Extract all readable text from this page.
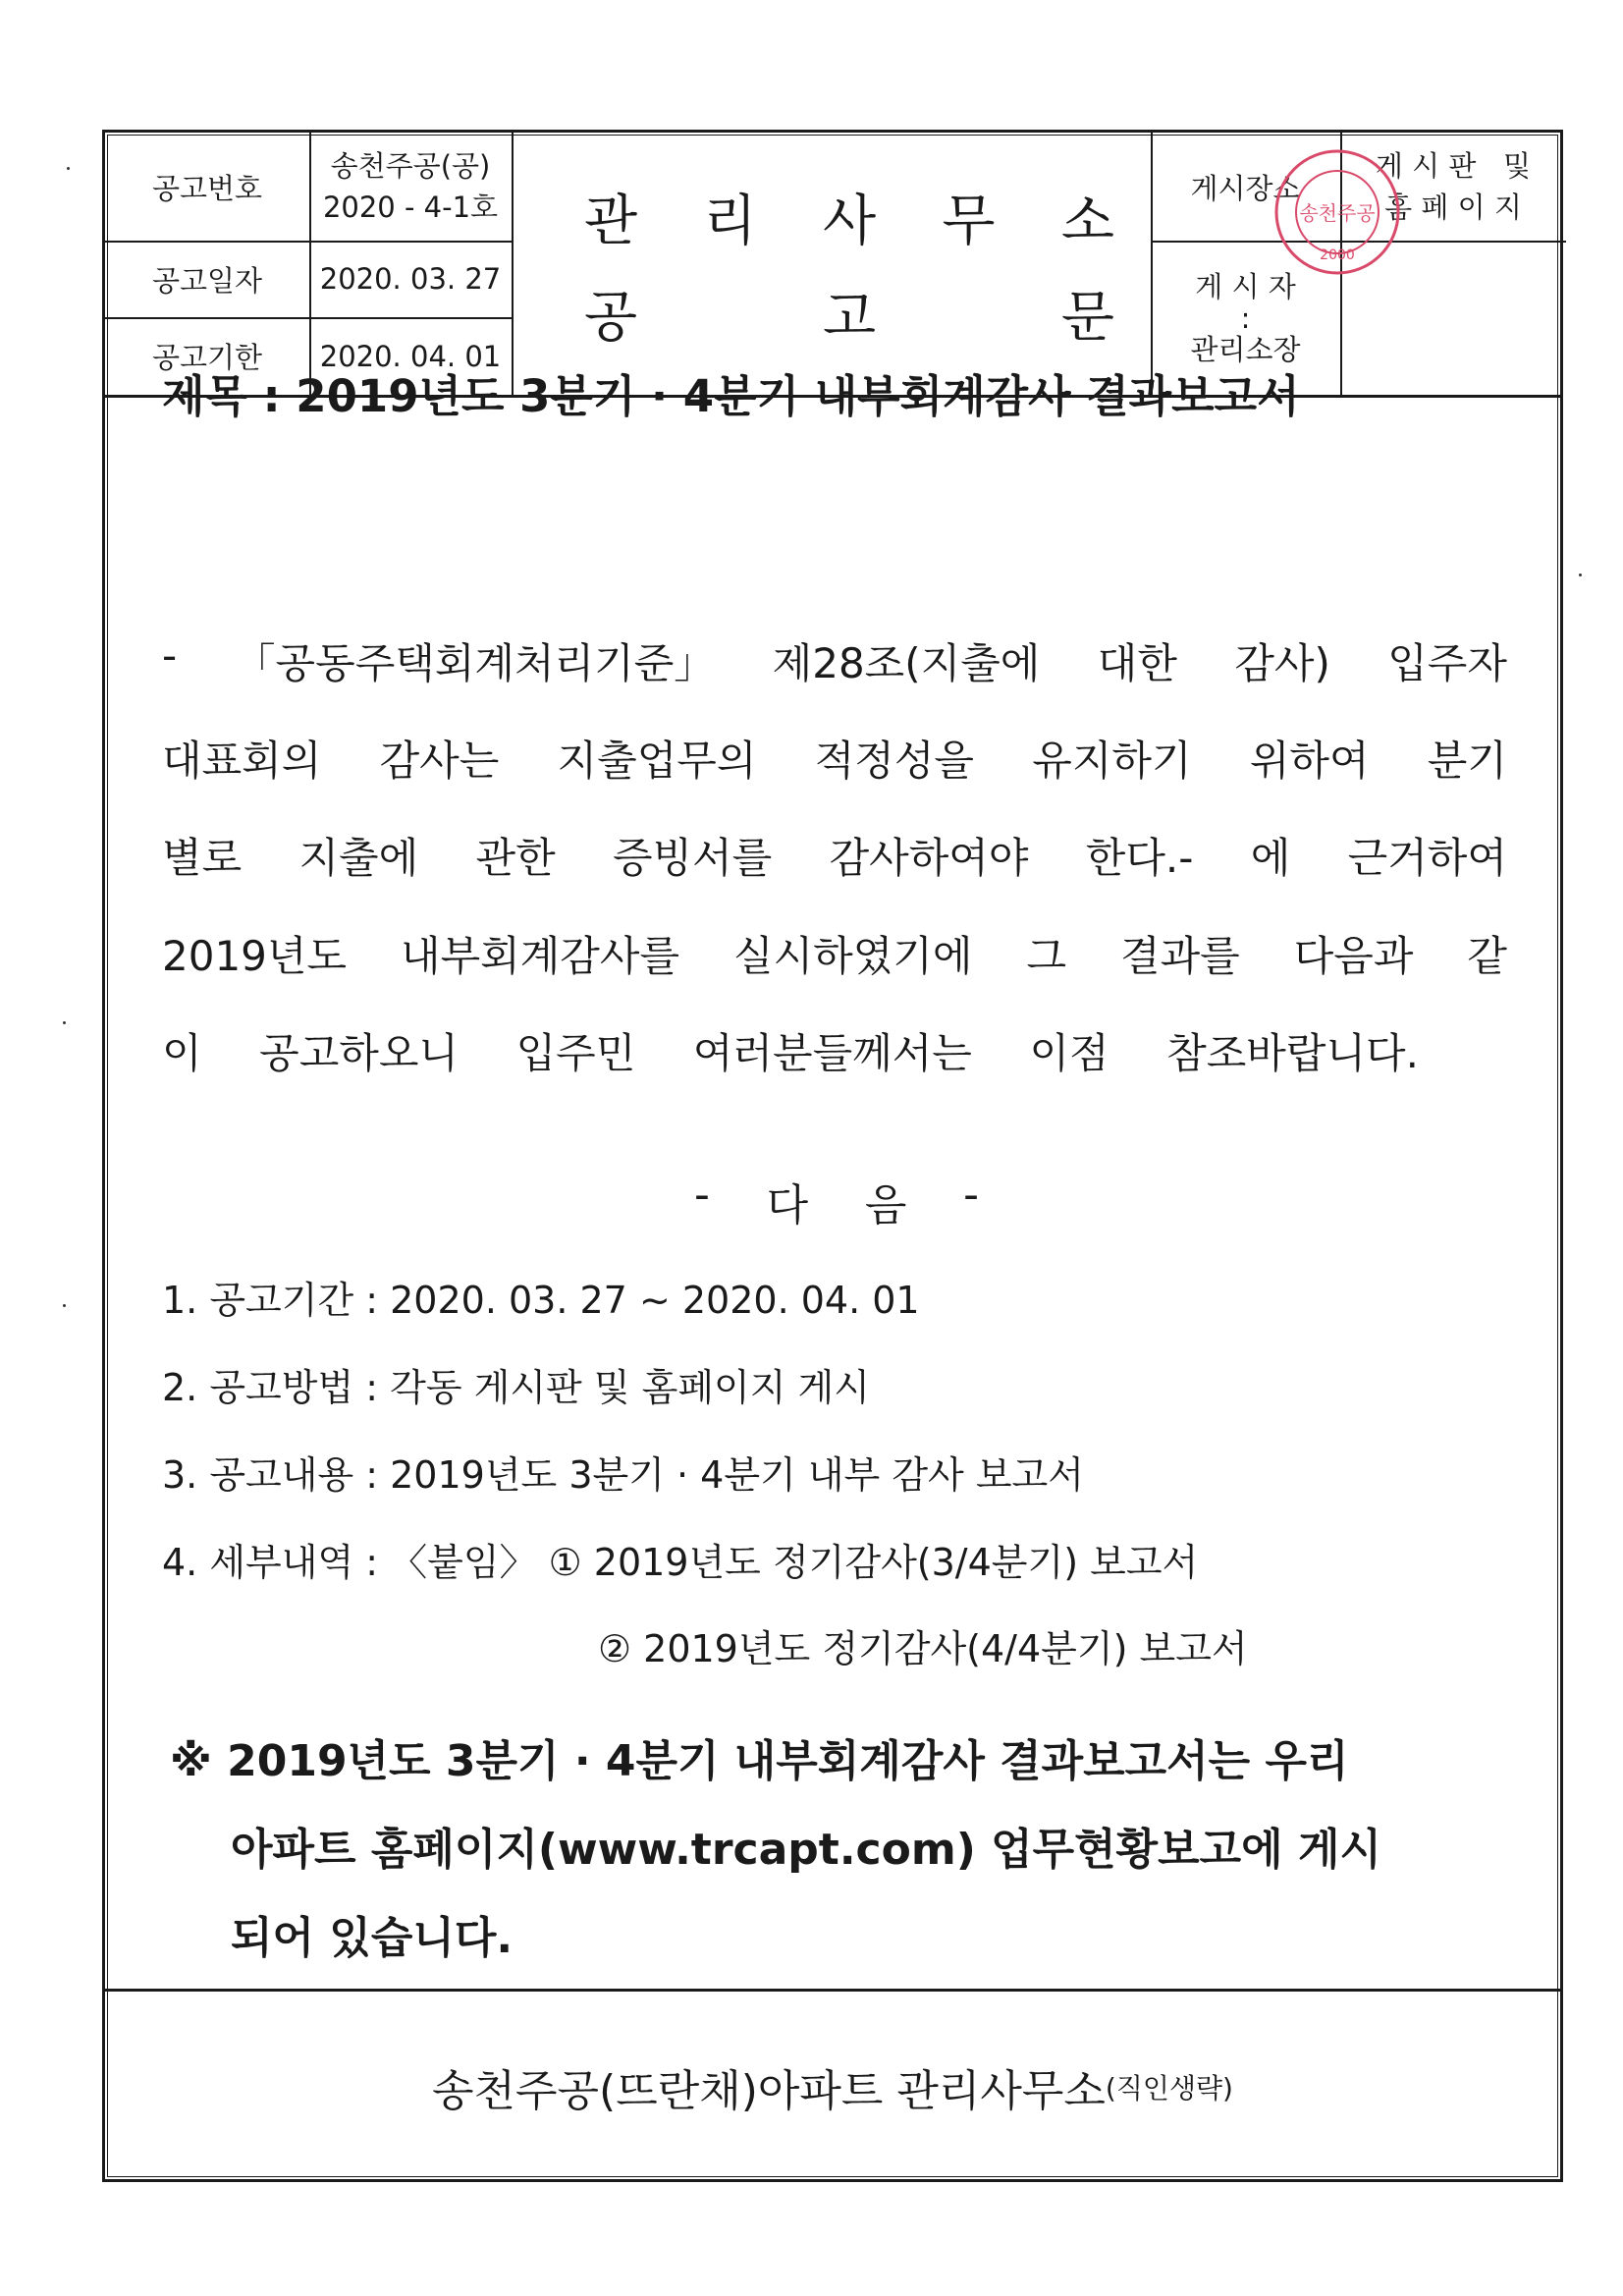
공고번호
송천주공(공)
2020 - 4-1호
공고일자 2020. 03. 27
공고기한 2020. 04. 01
관 리 사 무 소
공	고	문
게시장소
게 시 판   및
홈 페 이 지
게 시 자
:
관리소장
제목 : 2019년도 3분기 · 4분기 내부회계감사 결과보고서
- 「공동주택회계처리기준」 제28조(지출에 대한 감사) 입주자
대표회의 감사는 지출업무의 적정성을 유지하기 위하여 분기
별로 지출에 관한 증빙서를 감사하여야 한다.- 에 근거하여
2019년도 내부회계감사를 실시하였기에 그 결과를 다음과 같
이 공고하오니 입주민 여러분들께서는 이점 참조바랍니다.
- 다 음 -
1. 공고기간 : 2020. 03. 27 ~ 2020. 04. 01
2. 공고방법 : 각동 게시판 및 홈페이지 게시
3. 공고내용 : 2019년도 3분기 · 4분기 내부 감사 보고서
4. 세부내역 : 〈붙임〉 ① 2019년도 정기감사(3/4분기) 보고서
② 2019년도 정기감사(4/4분기) 보고서
※ 2019년도 3분기 · 4분기 내부회계감사 결과보고서는 우리
아파트 홈페이지(www.trcapt.com) 업무현황보고에 게시
되어 있습니다.
송천주공(뜨란채)아파트 관리사무소 (직인생략)
송천주공
2000
